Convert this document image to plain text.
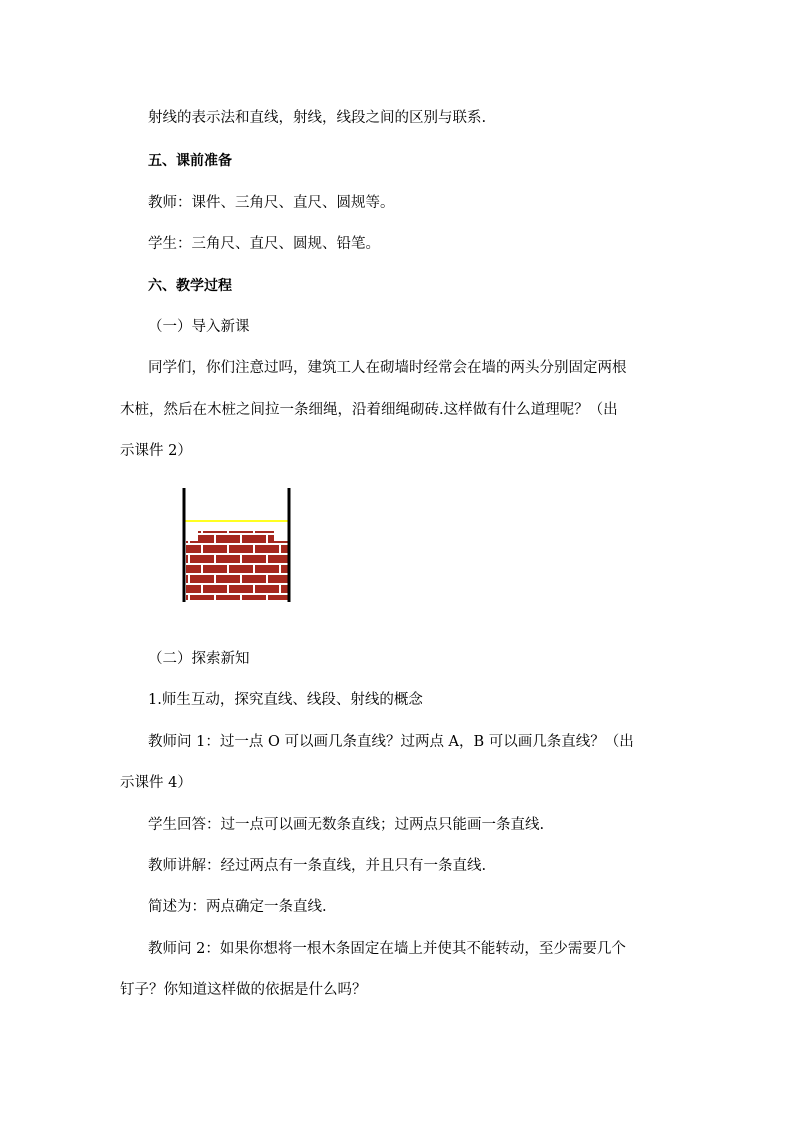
射线的表示法和直线，射线，线段之间的区别与联系.
五、课前准备
教师：课件、三角尺、直尺、圆规等。
学生：三角尺、直尺、圆规、铅笔。
六、教学过程
（一）导入新课
同学们，你们注意过吗，建筑工人在砌墙时经常会在墙的两头分别固定两根
木桩，然后在木桩之间拉一条细绳，沿着细绳砌砖.这样做有什么道理呢？（出
示课件 2）
（二）探索新知
1.师生互动，探究直线、线段、射线的概念
教师问 1：过一点 O 可以画几条直线？过两点 A，B 可以画几条直线？（出
示课件 4）
学生回答：过一点可以画无数条直线；过两点只能画一条直线.
教师讲解：经过两点有一条直线，并且只有一条直线.
简述为：两点确定一条直线.
教师问 2：如果你想将一根木条固定在墙上并使其不能转动，至少需要几个
钉子？你知道这样做的依据是什么吗？
